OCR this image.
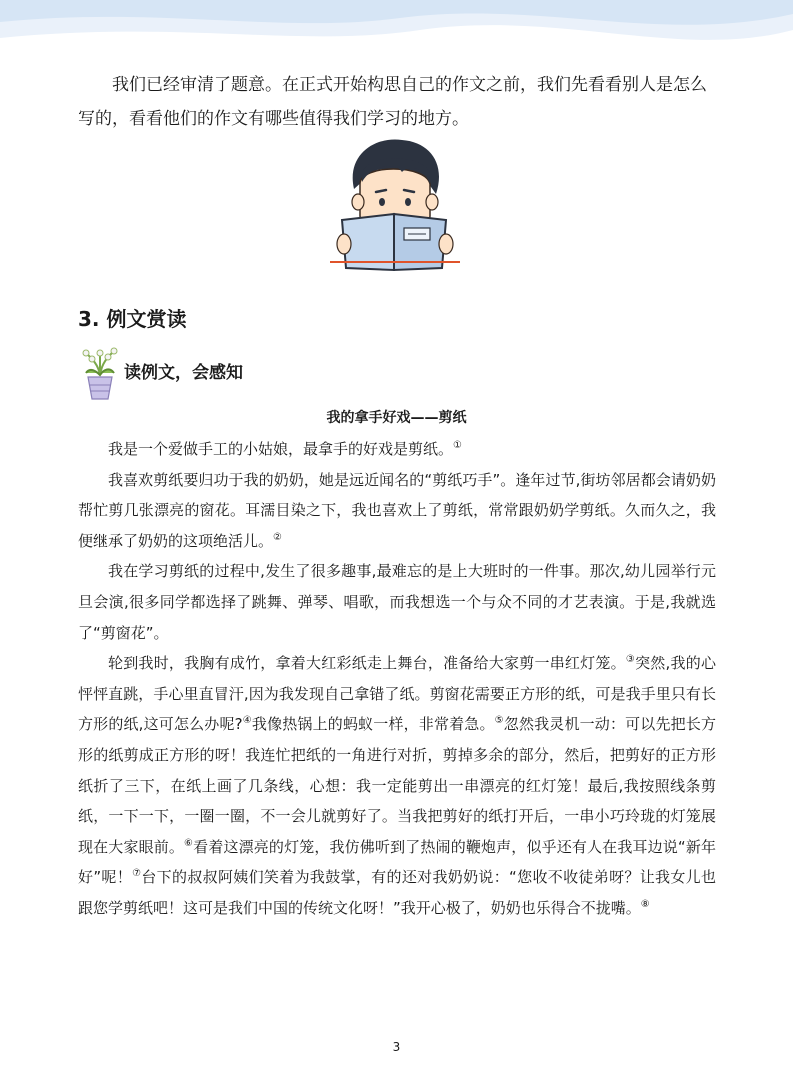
我们已经审清了题意。在正式开始构思自己的作文之前，我们先看看别人是怎么写的，看看他们的作文有哪些值得我们学习的地方。

3. 例文赏读
读例文，会感知
我的拿手好戏——剪纸

我是一个爱做手工的小姑娘，最拿手的好戏是剪纸。①

我喜欢剪纸要归功于我的奶奶，她是远近闻名的“剪纸巧手”。逢年过节,街坊邻居都会请奶奶帮忙剪几张漂亮的窗花。耳濡目染之下，我也喜欢上了剪纸，常常跟奶奶学剪纸。久而久之，我便继承了奶奶的这项绝活儿。②

我在学习剪纸的过程中,发生了很多趣事,最难忘的是上大班时的一件事。那次,幼儿园举行元旦会演,很多同学都选择了跳舞、弹琴、唱歌，而我想选一个与众不同的才艺表演。于是,我就选了“剪窗花”。

轮到我时，我胸有成竹，拿着大红彩纸走上舞台，准备给大家剪一串红灯笼。③突然,我的心怦怦直跳，手心里直冒汗,因为我发现自己拿错了纸。剪窗花需要正方形的纸，可是我手里只有长方形的纸,这可怎么办呢?④我像热锅上的蚂蚁一样，非常着急。⑤忽然我灵机一动：可以先把长方形的纸剪成正方形的呀！我连忙把纸的一角进行对折，剪掉多余的部分，然后，把剪好的正方形纸折了三下，在纸上画了几条线，心想：我一定能剪出一串漂亮的红灯笼！最后,我按照线条剪纸，一下一下，一圈一圈，不一会儿就剪好了。当我把剪好的纸打开后，一串小巧玲珑的灯笼展现在大家眼前。⑥看着这漂亮的灯笼，我仿佛听到了热闹的鞭炮声，似乎还有人在我耳边说“新年好”呢！⑦台下的叔叔阿姨们笑着为我鼓掌，有的还对我奶奶说：“您收不收徒弟呀？让我女儿也跟您学剪纸吧！这可是我们中国的传统文化呀！”我开心极了，奶奶也乐得合不拢嘴。⑧

3
